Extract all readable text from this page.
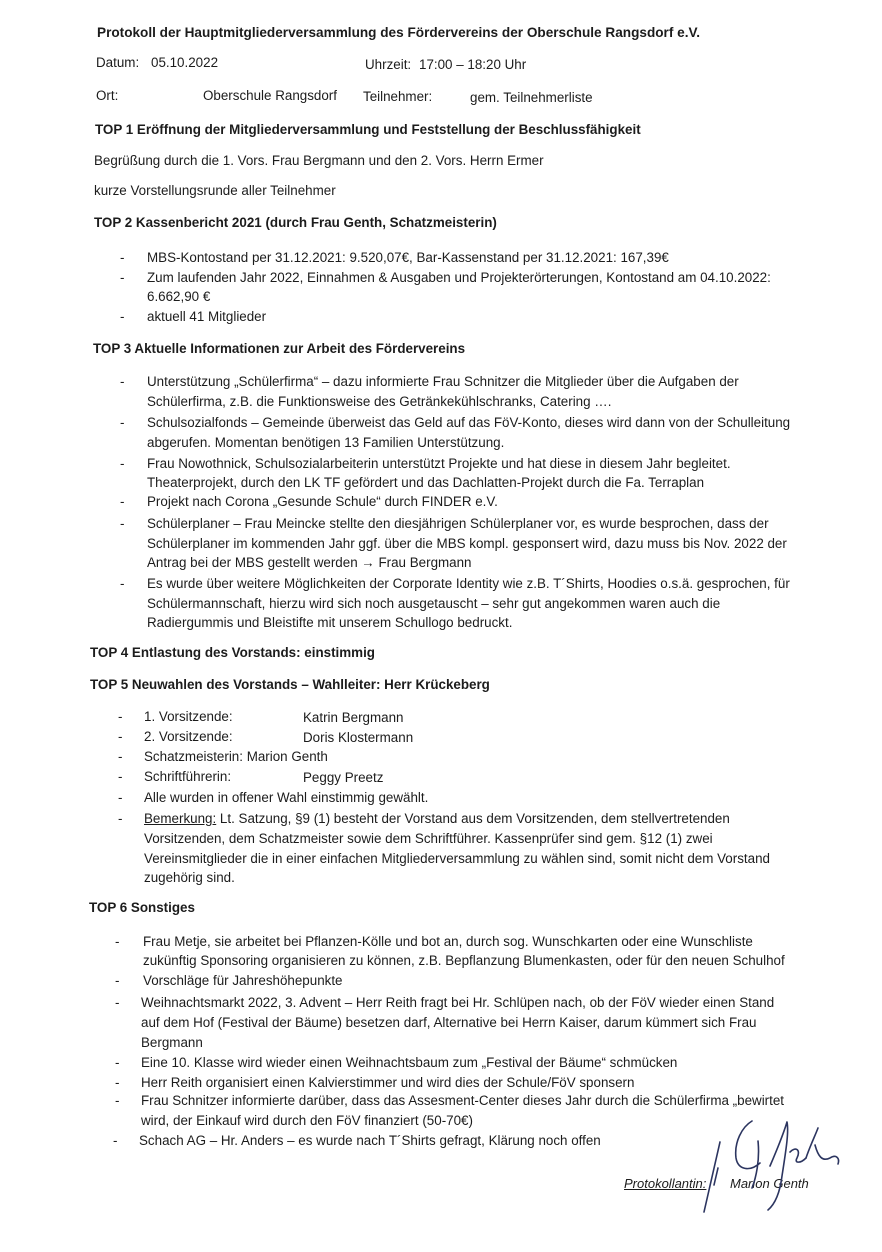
Protokoll der Hauptmitgliederversammlung des Fördervereins der Oberschule Rangsdorf e.V.
Datum: 05.10.2022	Uhrzeit: 17:00 – 18:20 Uhr
Ort:	Oberschule Rangsdorf Teilnehmer:	gem. Teilnehmerliste
TOP 1 Eröffnung der Mitgliederversammlung und Feststellung der Beschlussfähigkeit
Begrüßung durch die 1. Vors. Frau Bergmann und den 2. Vors. Herrn Ermer
kurze Vorstellungsrunde aller Teilnehmer
TOP 2 Kassenbericht 2021 (durch Frau Genth, Schatzmeisterin)
- MBS-Kontostand per 31.12.2021: 9.520,07€, Bar-Kassenstand per 31.12.2021: 167,39€
- Zum laufenden Jahr 2022, Einnahmen & Ausgaben und Projekterörterungen, Kontostand am 04.10.2022:
6.662,90 €
- aktuell 41 Mitglieder
TOP 3 Aktuelle Informationen zur Arbeit des Fördervereins
- Unterstützung „Schülerfirma“ – dazu informierte Frau Schnitzer die Mitglieder über die Aufgaben der
Schülerfirma, z.B. die Funktionsweise des Getränkekühlschranks, Catering ….
- Schulsozialfonds – Gemeinde überweist das Geld auf das FöV-Konto, dieses wird dann von der Schulleitung
abgerufen. Momentan benötigen 13 Familien Unterstützung.
- Frau Nowothnick, Schulsozialarbeiterin unterstützt Projekte und hat diese in diesem Jahr begleitet.
Theaterprojekt, durch den LK TF gefördert und das Dachlatten-Projekt durch die Fa. Terraplan
- Projekt nach Corona „Gesunde Schule“ durch FINDER e.V.
- Schülerplaner – Frau Meincke stellte den diesjährigen Schülerplaner vor, es wurde besprochen, dass der
Schülerplaner im kommenden Jahr ggf. über die MBS kompl. gesponsert wird, dazu muss bis Nov. 2022 der
Antrag bei der MBS gestellt werden → Frau Bergmann
- Es wurde über weitere Möglichkeiten der Corporate Identity wie z.B. T´Shirts, Hoodies o.s.ä. gesprochen, für
Schülermannschaft, hierzu wird sich noch ausgetauscht – sehr gut angekommen waren auch die
Radiergummis und Bleistifte mit unserem Schullogo bedruckt.
TOP 4 Entlastung des Vorstands: einstimmig
TOP 5 Neuwahlen des Vorstands – Wahlleiter: Herr Krückeberg
- 1. Vorsitzende:	Katrin Bergmann
- 2. Vorsitzende:	Doris Klostermann
- Schatzmeisterin: Marion Genth
- Schriftführerin:	Peggy Preetz
- Alle wurden in offener Wahl einstimmig gewählt.
- Bemerkung: Lt. Satzung, §9 (1) besteht der Vorstand aus dem Vorsitzenden, dem stellvertretenden
Vorsitzenden, dem Schatzmeister sowie dem Schriftführer. Kassenprüfer sind gem. §12 (1) zwei
Vereinsmitglieder die in einer einfachen Mitgliederversammlung zu wählen sind, somit nicht dem Vorstand
zugehörig sind.
TOP 6 Sonstiges
- Frau Metje, sie arbeitet bei Pflanzen-Kölle und bot an, durch sog. Wunschkarten oder eine Wunschliste
zukünftig Sponsoring organisieren zu können, z.B. Bepflanzung Blumenkasten, oder für den neuen Schulhof
- Vorschläge für Jahreshöhepunkte
- Weihnachtsmarkt 2022, 3. Advent – Herr Reith fragt bei Hr. Schlüpen nach, ob der FöV wieder einen Stand
auf dem Hof (Festival der Bäume) besetzen darf, Alternative bei Herrn Kaiser, darum kümmert sich Frau
Bergmann
- Eine 10. Klasse wird wieder einen Weihnachtsbaum zum „Festival der Bäume“ schmücken
- Herr Reith organisiert einen Kalvierstimmer und wird dies der Schule/FöV sponsern
- Frau Schnitzer informierte darüber, dass das Assesment-Center dieses Jahr durch die Schülerfirma „bewirtet
wird, der Einkauf wird durch den FöV finanziert (50-70€)
- Schach AG – Hr. Anders – es wurde nach T´Shirts gefragt, Klärung noch offen
Protokollantin: Marion Genth
